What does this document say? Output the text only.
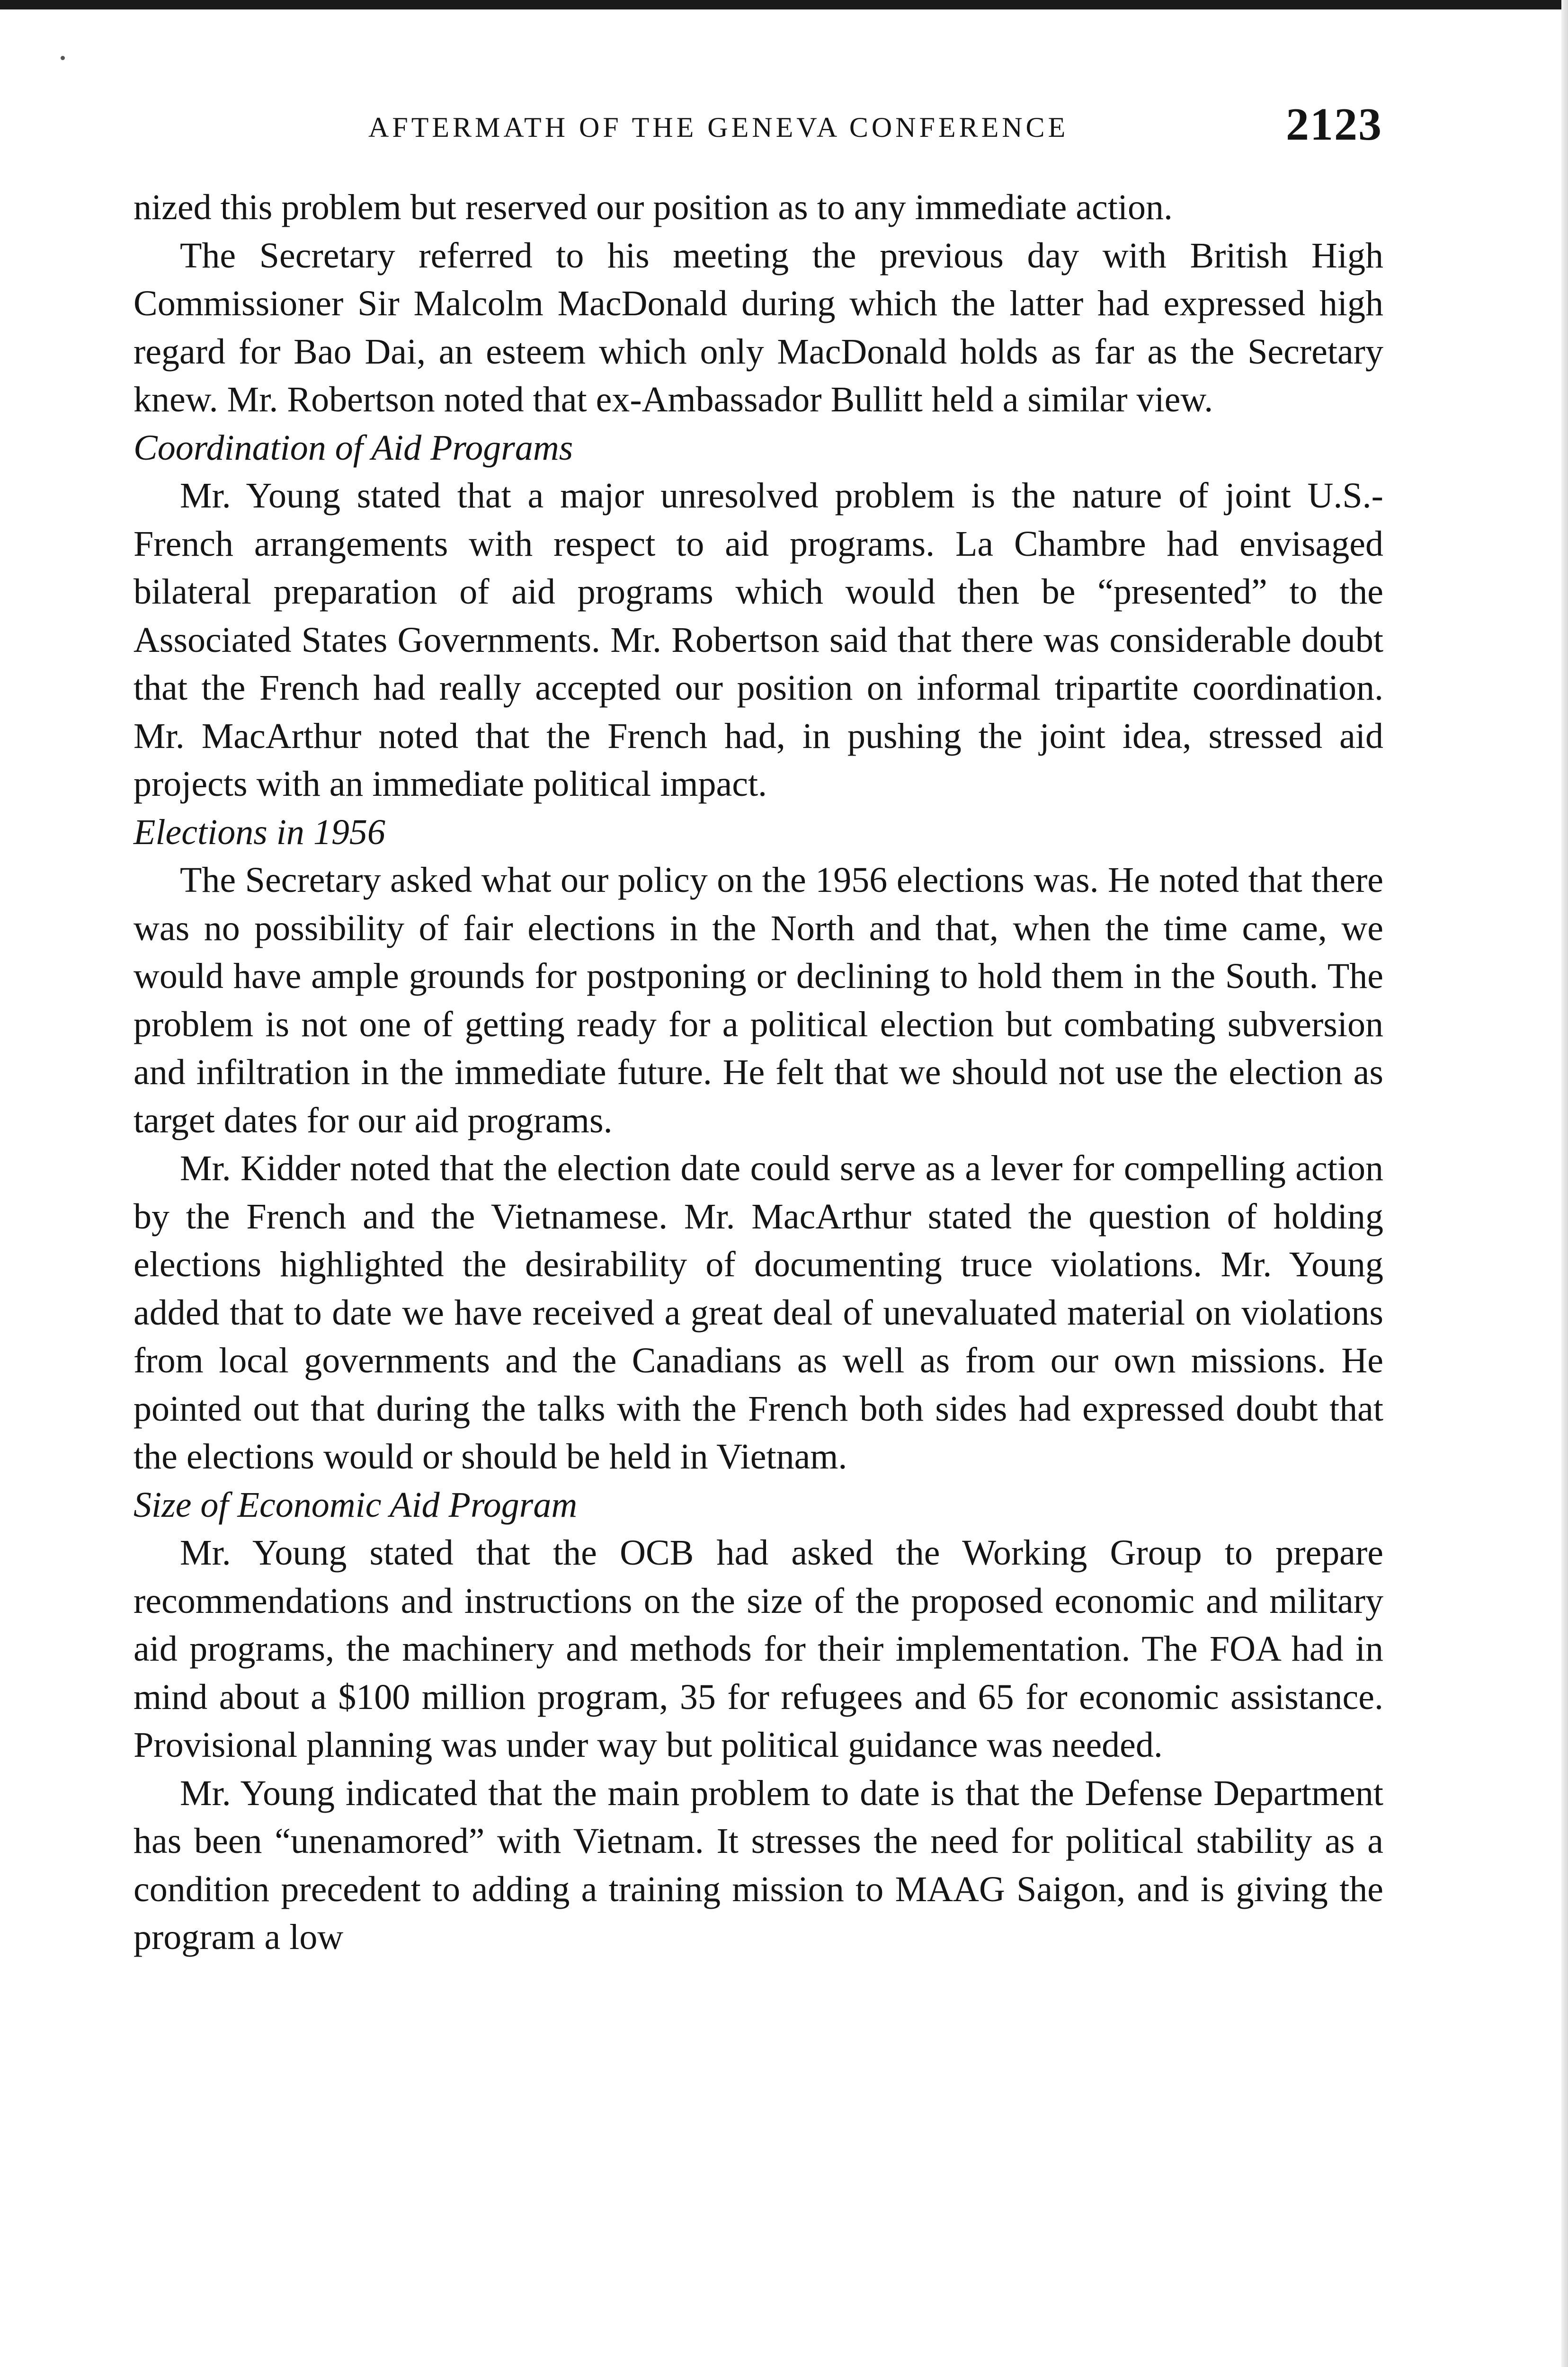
AFTERMATH OF THE GENEVA CONFERENCE	2123

nized this problem but reserved our position as to any immediate action.

The Secretary referred to his meeting the previous day with British High Commissioner Sir Malcolm MacDonald during which the latter had expressed high regard for Bao Dai, an esteem which only MacDonald holds as far as the Secretary knew. Mr. Robertson noted that ex-Ambassador Bullitt held a similar view.

Coordination of Aid Programs

Mr. Young stated that a major unresolved problem is the nature of joint U.S.-French arrangements with respect to aid programs. La Chambre had envisaged bilateral preparation of aid programs which would then be “presented” to the Associated States Governments. Mr. Robertson said that there was considerable doubt that the French had really accepted our position on informal tripartite coordination. Mr. MacArthur noted that the French had, in pushing the joint idea, stressed aid projects with an immediate political impact.

Elections in 1956

The Secretary asked what our policy on the 1956 elections was. He noted that there was no possibility of fair elections in the North and that, when the time came, we would have ample grounds for postponing or declining to hold them in the South. The problem is not one of getting ready for a political election but combating subversion and infiltration in the immediate future. He felt that we should not use the election as target dates for our aid programs.

Mr. Kidder noted that the election date could serve as a lever for compelling action by the French and the Vietnamese. Mr. MacArthur stated the question of holding elections highlighted the desirability of documenting truce violations. Mr. Young added that to date we have received a great deal of unevaluated material on violations from local governments and the Canadians as well as from our own missions. He pointed out that during the talks with the French both sides had expressed doubt that the elections would or should be held in Vietnam.

Size of Economic Aid Program

Mr. Young stated that the OCB had asked the Working Group to prepare recommendations and instructions on the size of the proposed economic and military aid programs, the machinery and methods for their implementation. The FOA had in mind about a $100 million program, 35 for refugees and 65 for economic assistance. Provisional planning was under way but political guidance was needed.

Mr. Young indicated that the main problem to date is that the Defense Department has been “unenamored” with Vietnam. It stresses the need for political stability as a condition precedent to adding a training mission to MAAG Saigon, and is giving the program a low
